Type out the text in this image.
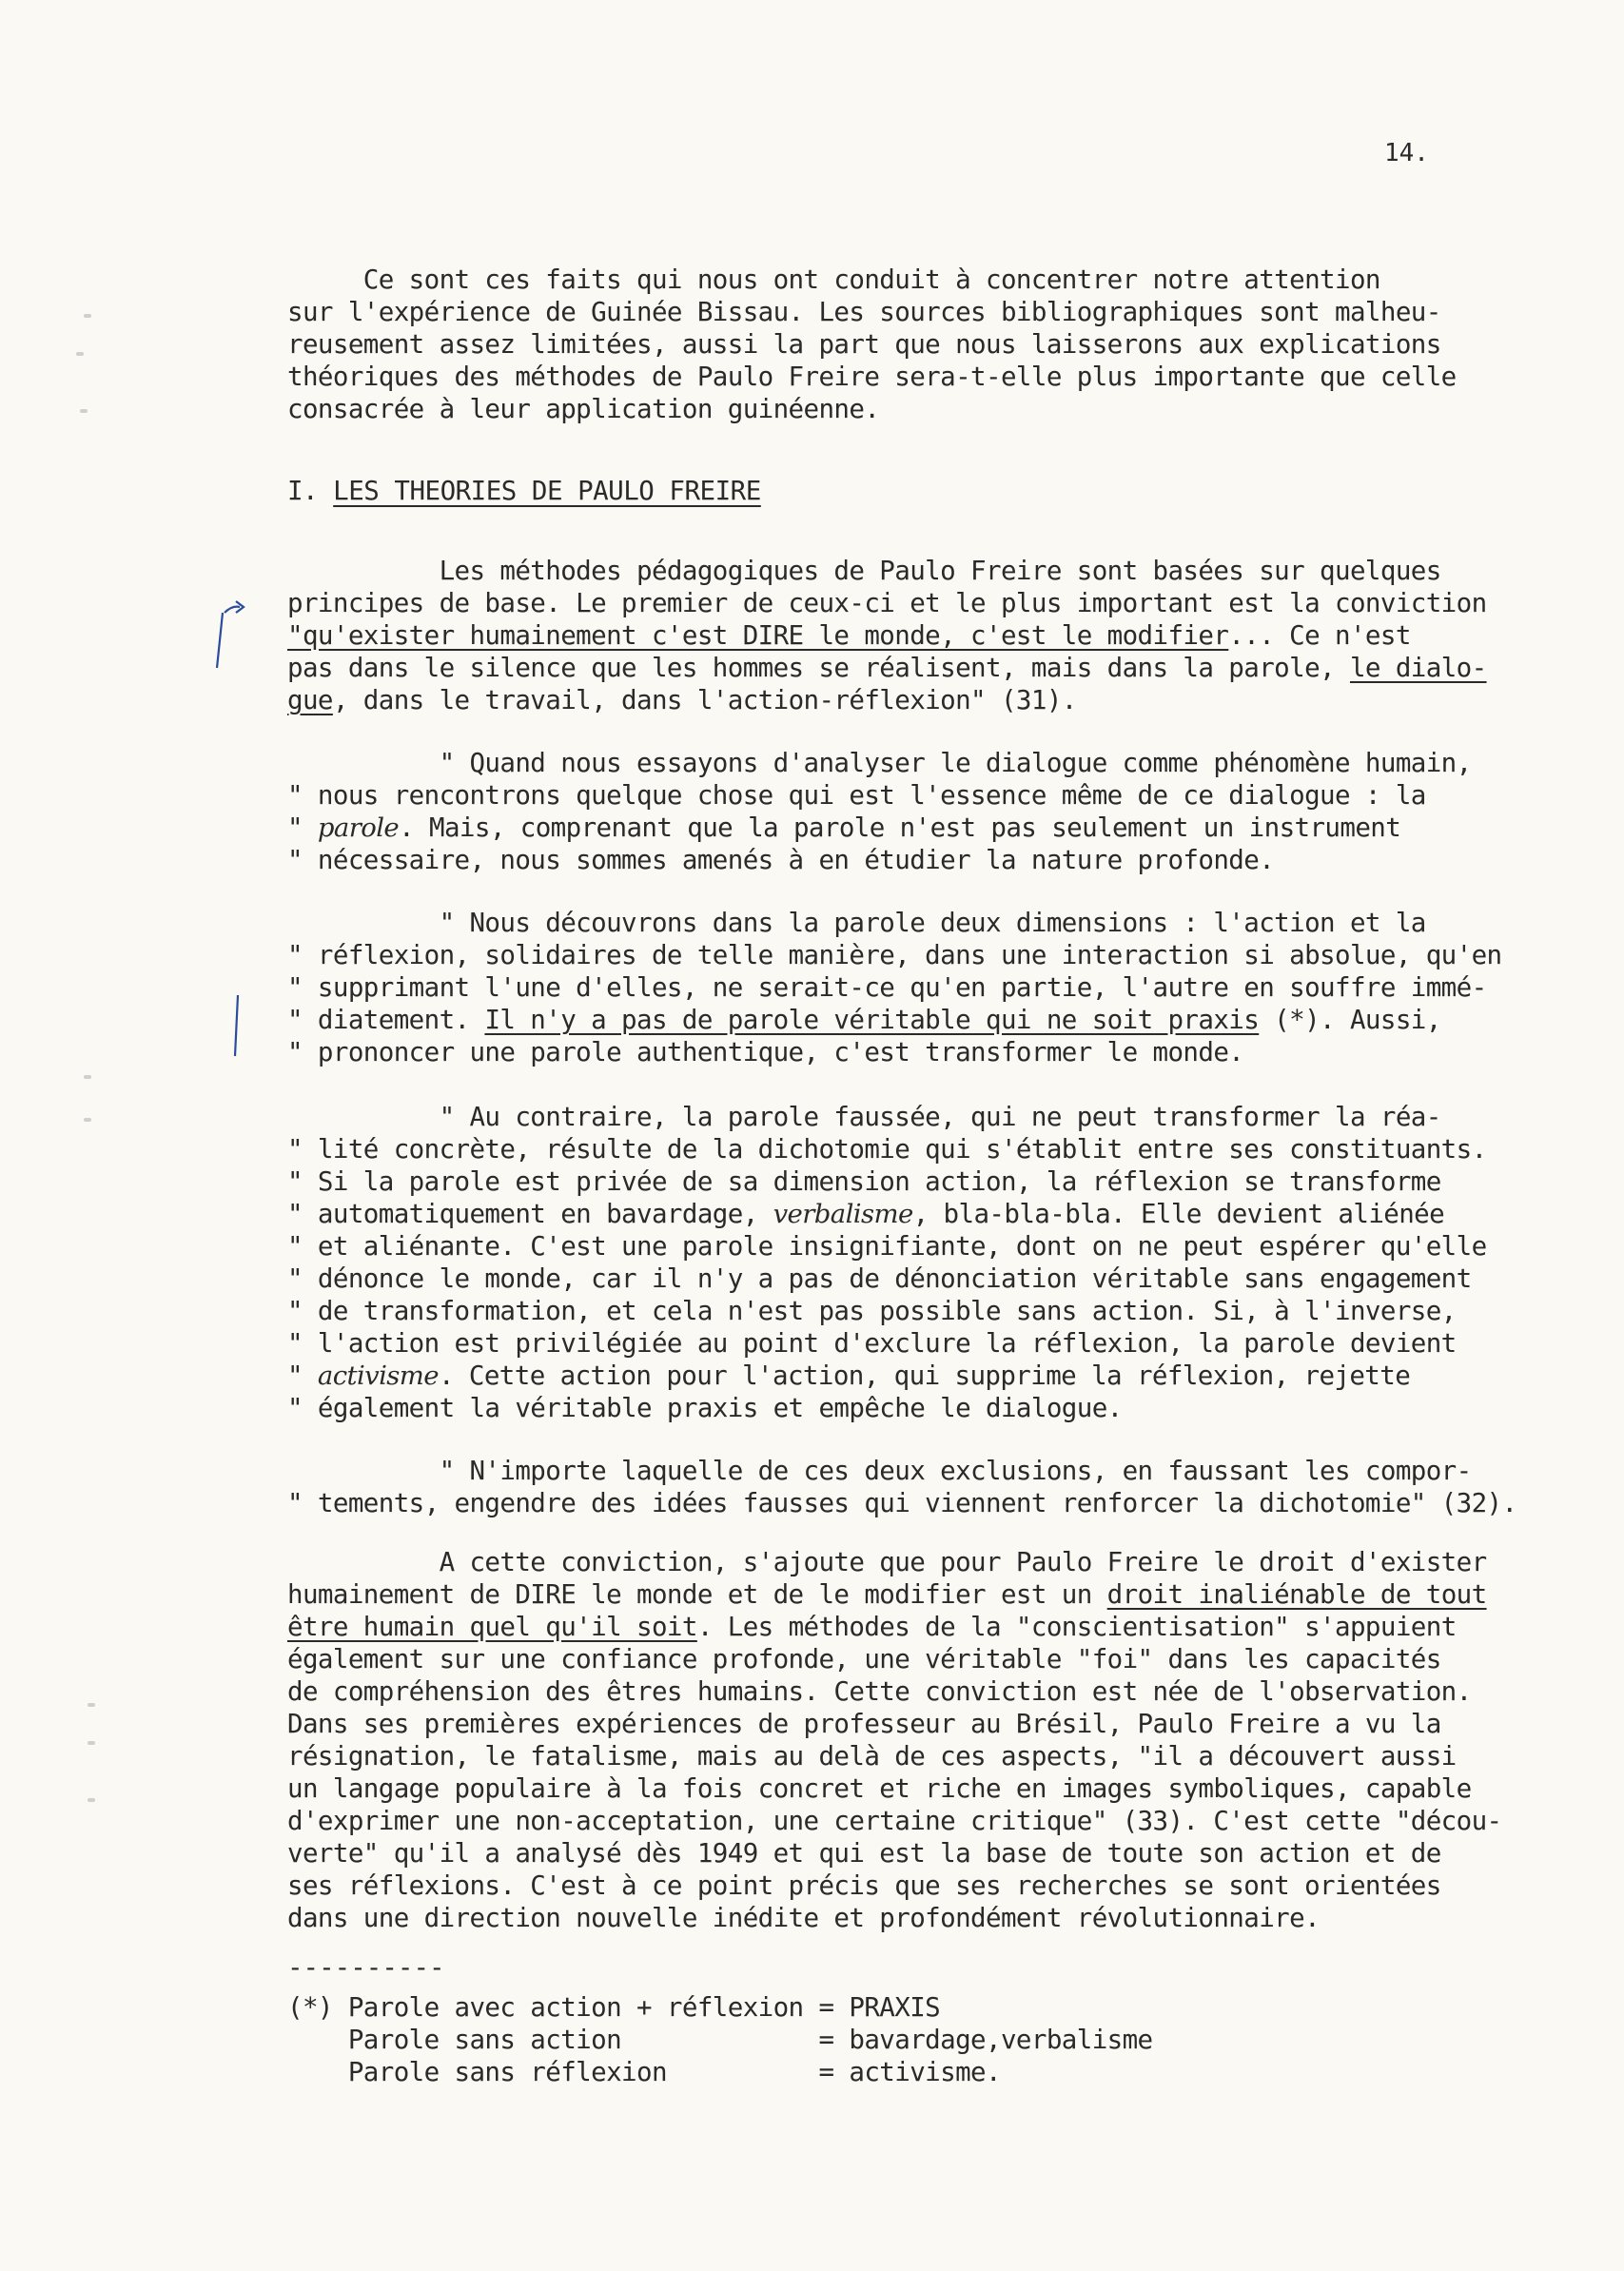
14.
Ce sont ces faits qui nous ont conduit à concentrer notre attention
sur l'expérience de Guinée Bissau. Les sources bibliographiques sont malheu-
reusement assez limitées, aussi la part que nous laisserons aux explications
théoriques des méthodes de Paulo Freire sera-t-elle plus importante que celle
consacrée à leur application guinéenne.
I. LES THEORIES DE PAULO FREIRE
Les méthodes pédagogiques de Paulo Freire sont basées sur quelques
principes de base. Le premier de ceux-ci et le plus important est la conviction
"qu'exister humainement c'est DIRE le monde, c'est le modifier... Ce n'est
pas dans le silence que les hommes se réalisent, mais dans la parole, le dialo-
gue, dans le travail, dans l'action-réflexion" (31).
" Quand nous essayons d'analyser le dialogue comme phénomène humain,
" nous rencontrons quelque chose qui est l'essence même de ce dialogue : la
" parole. Mais, comprenant que la parole n'est pas seulement un instrument
" nécessaire, nous sommes amenés à en étudier la nature profonde.
" Nous découvrons dans la parole deux dimensions : l'action et la
" réflexion, solidaires de telle manière, dans une interaction si absolue, qu'en
" supprimant l'une d'elles, ne serait-ce qu'en partie, l'autre en souffre immé-
" diatement. Il n'y a pas de parole véritable qui ne soit praxis (*). Aussi,
" prononcer une parole authentique, c'est transformer le monde.
" Au contraire, la parole faussée, qui ne peut transformer la réa-
" lité concrète, résulte de la dichotomie qui s'établit entre ses constituants.
" Si la parole est privée de sa dimension action, la réflexion se transforme
" automatiquement en bavardage, verbalisme, bla-bla-bla. Elle devient aliénée
" et aliénante. C'est une parole insignifiante, dont on ne peut espérer qu'elle
" dénonce le monde, car il n'y a pas de dénonciation véritable sans engagement
" de transformation, et cela n'est pas possible sans action. Si, à l'inverse,
" l'action est privilégiée au point d'exclure la réflexion, la parole devient
" activisme. Cette action pour l'action, qui supprime la réflexion, rejette
" également la véritable praxis et empêche le dialogue.
" N'importe laquelle de ces deux exclusions, en faussant les compor-
" tements, engendre des idées fausses qui viennent renforcer la dichotomie" (32).
A cette conviction, s'ajoute que pour Paulo Freire le droit d'exister
humainement de DIRE le monde et de le modifier est un droit inaliénable de tout
être humain quel qu'il soit. Les méthodes de la "conscientisation" s'appuient
également sur une confiance profonde, une véritable "foi" dans les capacités
de compréhension des êtres humains. Cette conviction est née de l'observation.
Dans ses premières expériences de professeur au Brésil, Paulo Freire a vu la
résignation, le fatalisme, mais au delà de ces aspects, "il a découvert aussi
un langage populaire à la fois concret et riche en images symboliques, capable
d'exprimer une non-acceptation, une certaine critique" (33). C'est cette "décou-
verte" qu'il a analysé dès 1949 et qui est la base de toute son action et de
ses réflexions. C'est à ce point précis que ses recherches se sont orientées
dans une direction nouvelle inédite et profondément révolutionnaire.
----------
(*) Parole avec action + réflexion = PRAXIS
Parole sans action             = bavardage,verbalisme
Parole sans réflexion          = activisme.
